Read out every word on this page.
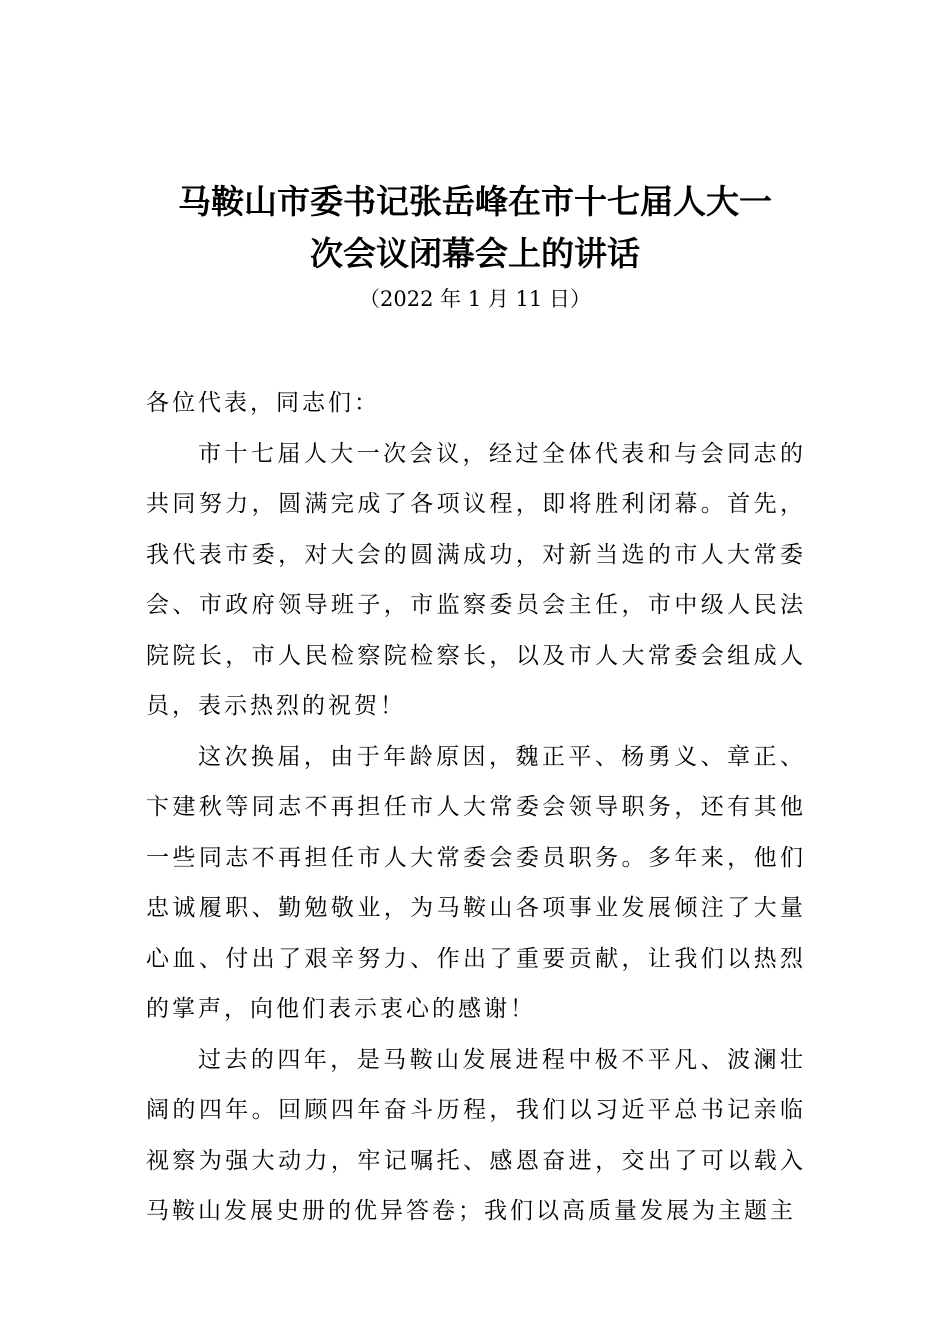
马鞍山市委书记张岳峰在市十七届人大一
次会议闭幕会上的讲话
（2022 年 1 月 11 日）

各位代表，同志们：

市十七届人大一次会议，经过全体代表和与会同志的共同努力，圆满完成了各项议程，即将胜利闭幕。首先，我代表市委，对大会的圆满成功，对新当选的市人大常委会、市政府领导班子，市监察委员会主任，市中级人民法院院长，市人民检察院检察长，以及市人大常委会组成人员，表示热烈的祝贺！

这次换届，由于年龄原因，魏正平、杨勇义、章正、卞建秋等同志不再担任市人大常委会领导职务，还有其他一些同志不再担任市人大常委会委员职务。多年来，他们忠诚履职、勤勉敬业，为马鞍山各项事业发展倾注了大量心血、付出了艰辛努力、作出了重要贡献，让我们以热烈的掌声，向他们表示衷心的感谢！

过去的四年，是马鞍山发展进程中极不平凡、波澜壮阔的四年。回顾四年奋斗历程，我们以习近平总书记亲临视察为强大动力，牢记嘱托、感恩奋进，交出了可以载入马鞍山发展史册的优异答卷；我们以高质量发展为主题主
